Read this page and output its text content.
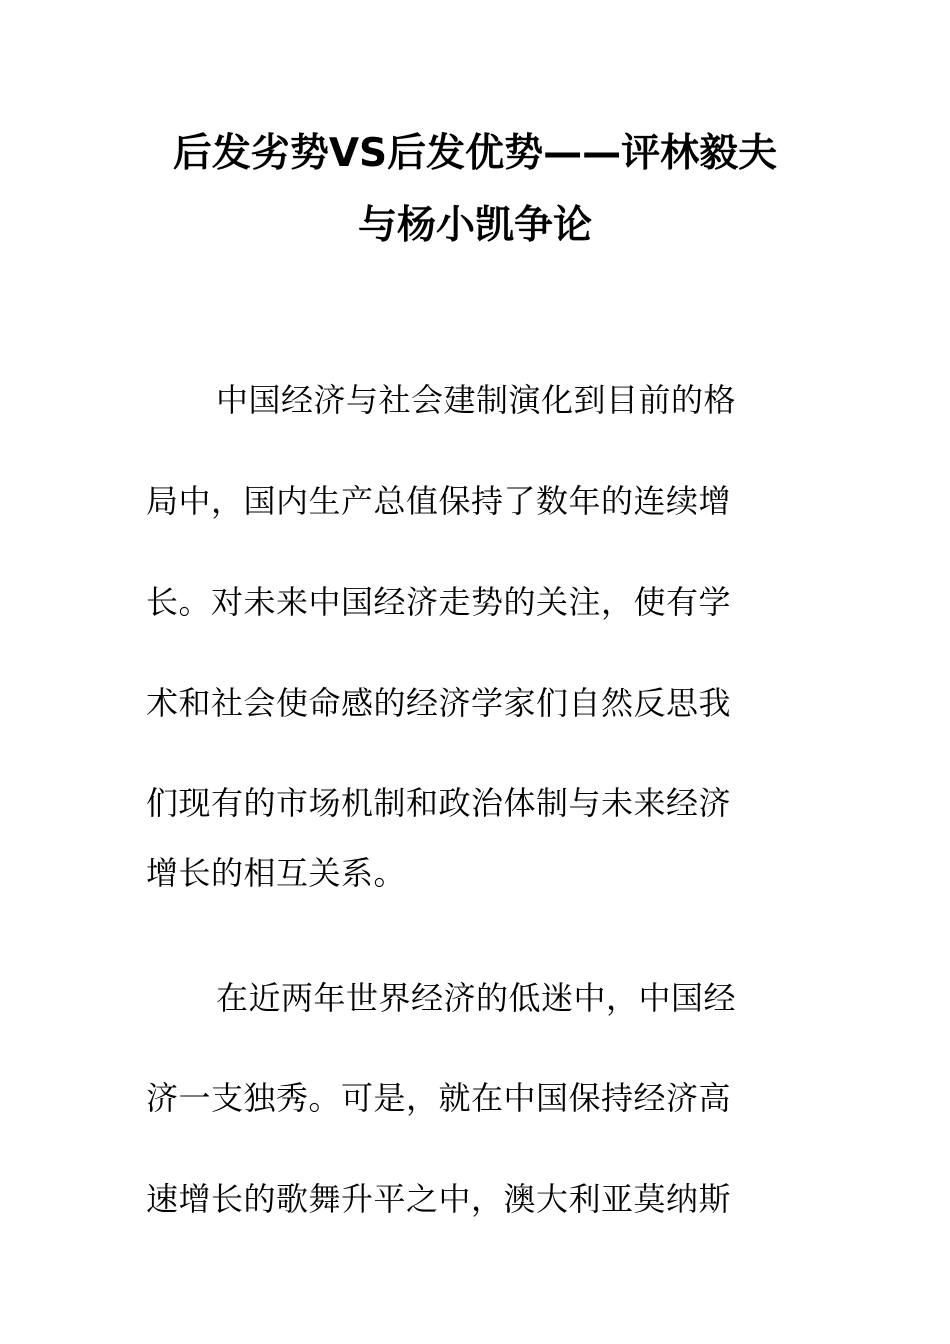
后发劣势VS后发优势——评林毅夫
与杨小凯争论
中国经济与社会建制演化到目前的格
局中，国内生产总值保持了数年的连续增
长。对未来中国经济走势的关注，使有学
术和社会使命感的经济学家们自然反思我
们现有的市场机制和政治体制与未来经济
增长的相互关系。
在近两年世界经济的低迷中，中国经
济一支独秀。可是，就在中国保持经济高
速增长的歌舞升平之中，澳大利亚莫纳斯
